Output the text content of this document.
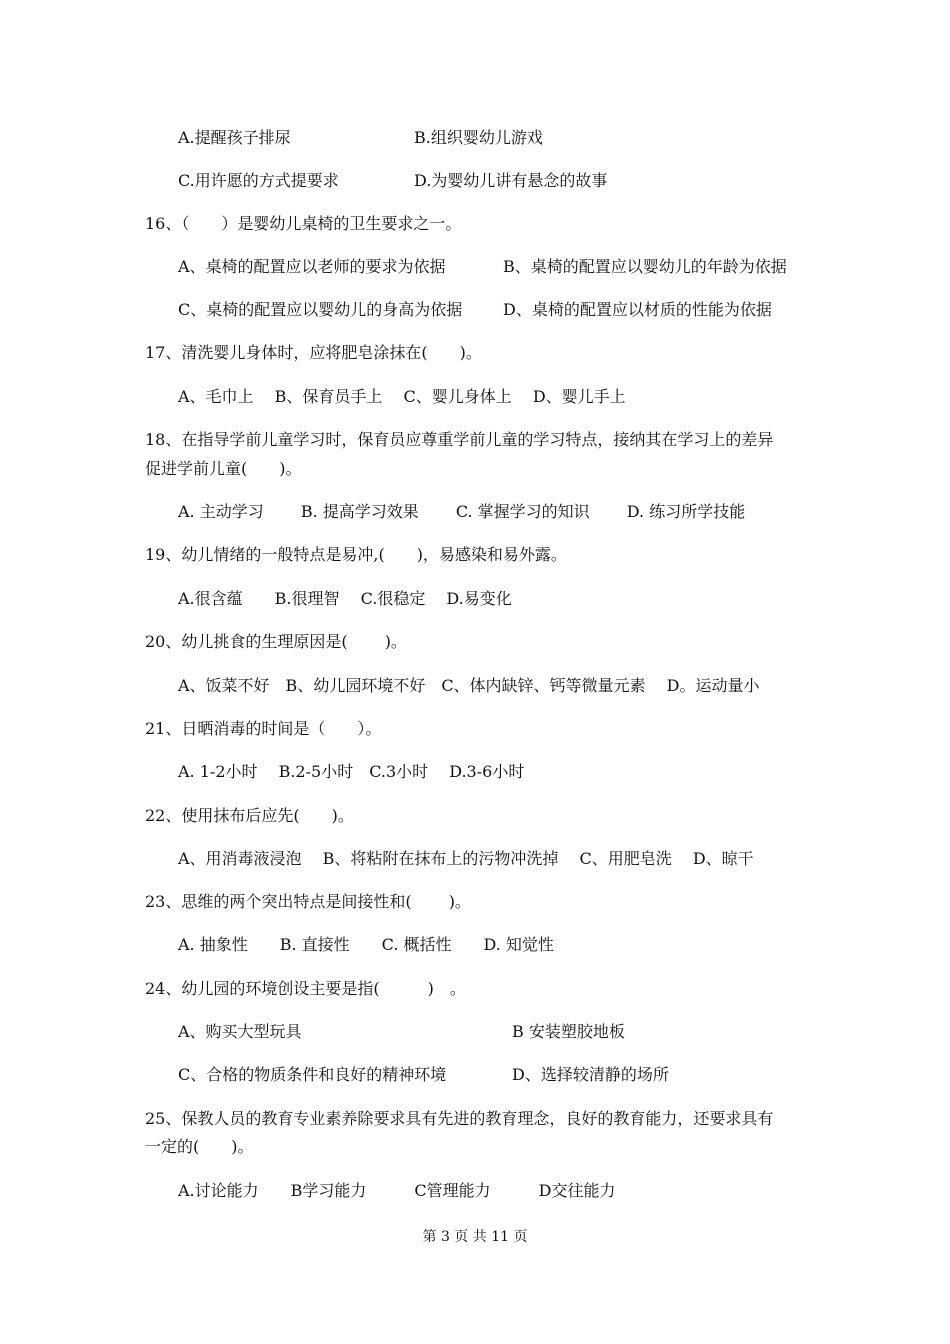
A.提醒孩子排尿	B.组织婴幼儿游戏
C.用许愿的方式提要求	D.为婴幼儿讲有悬念的故事
16、（　　）是婴幼儿桌椅的卫生要求之一。
A、桌椅的配置应以老师的要求为依据	B、桌椅的配置应以婴幼儿的年龄为依据
C、桌椅的配置应以婴幼儿的身高为依据	D、桌椅的配置应以材质的性能为依据
17、清洗婴儿身体时，应将肥皂涂抹在(　　)。
A、毛巾上　 B、保育员手上　 C、婴儿身体上　 D、婴儿手上
18、在指导学前儿童学习时，保育员应尊重学前儿童的学习特点，接纳其在学习上的差异
促进学前儿童(　　)。
A. 主动学习　　 B. 提高学习效果　　 C. 掌握学习的知识　　 D. 练习所学技能
19、幼儿情绪的一般特点是易冲,(　　)，易感染和易外露。
A.很含蕴　　B.很理智　 C.很稳定　 D.易变化
20、幼儿挑食的生理原因是(　　 )。
A、饭菜不好　B、幼儿园环境不好　C、体内缺锌、钙等微量元素　 D。运动量小
21、日晒消毒的时间是（　　）。
A. 1-2小时　 B.2-5小时　C.3小时　 D.3-6小时
22、使用抹布后应先(　　)。
A、用消毒液浸泡　 B、将粘附在抹布上的污物冲洗掉　 C、用肥皂洗　 D、晾干
23、思维的两个突出特点是间接性和(　　 )。
A. 抽象性　　B. 直接性　　C. 概括性　　D. 知觉性
24、幼儿园的环境创设主要是指(　　　)　。
A、购买大型玩具	B 安装塑胶地板
C、合格的物质条件和良好的精神环境	D、选择较清静的场所
25、保教人员的教育专业素养除要求具有先进的教育理念，良好的教育能力，还要求具有
一定的(　　)。
A.讨论能力　　B学习能力　　　C管理能力　　　D交往能力
第 3 页 共 11 页
